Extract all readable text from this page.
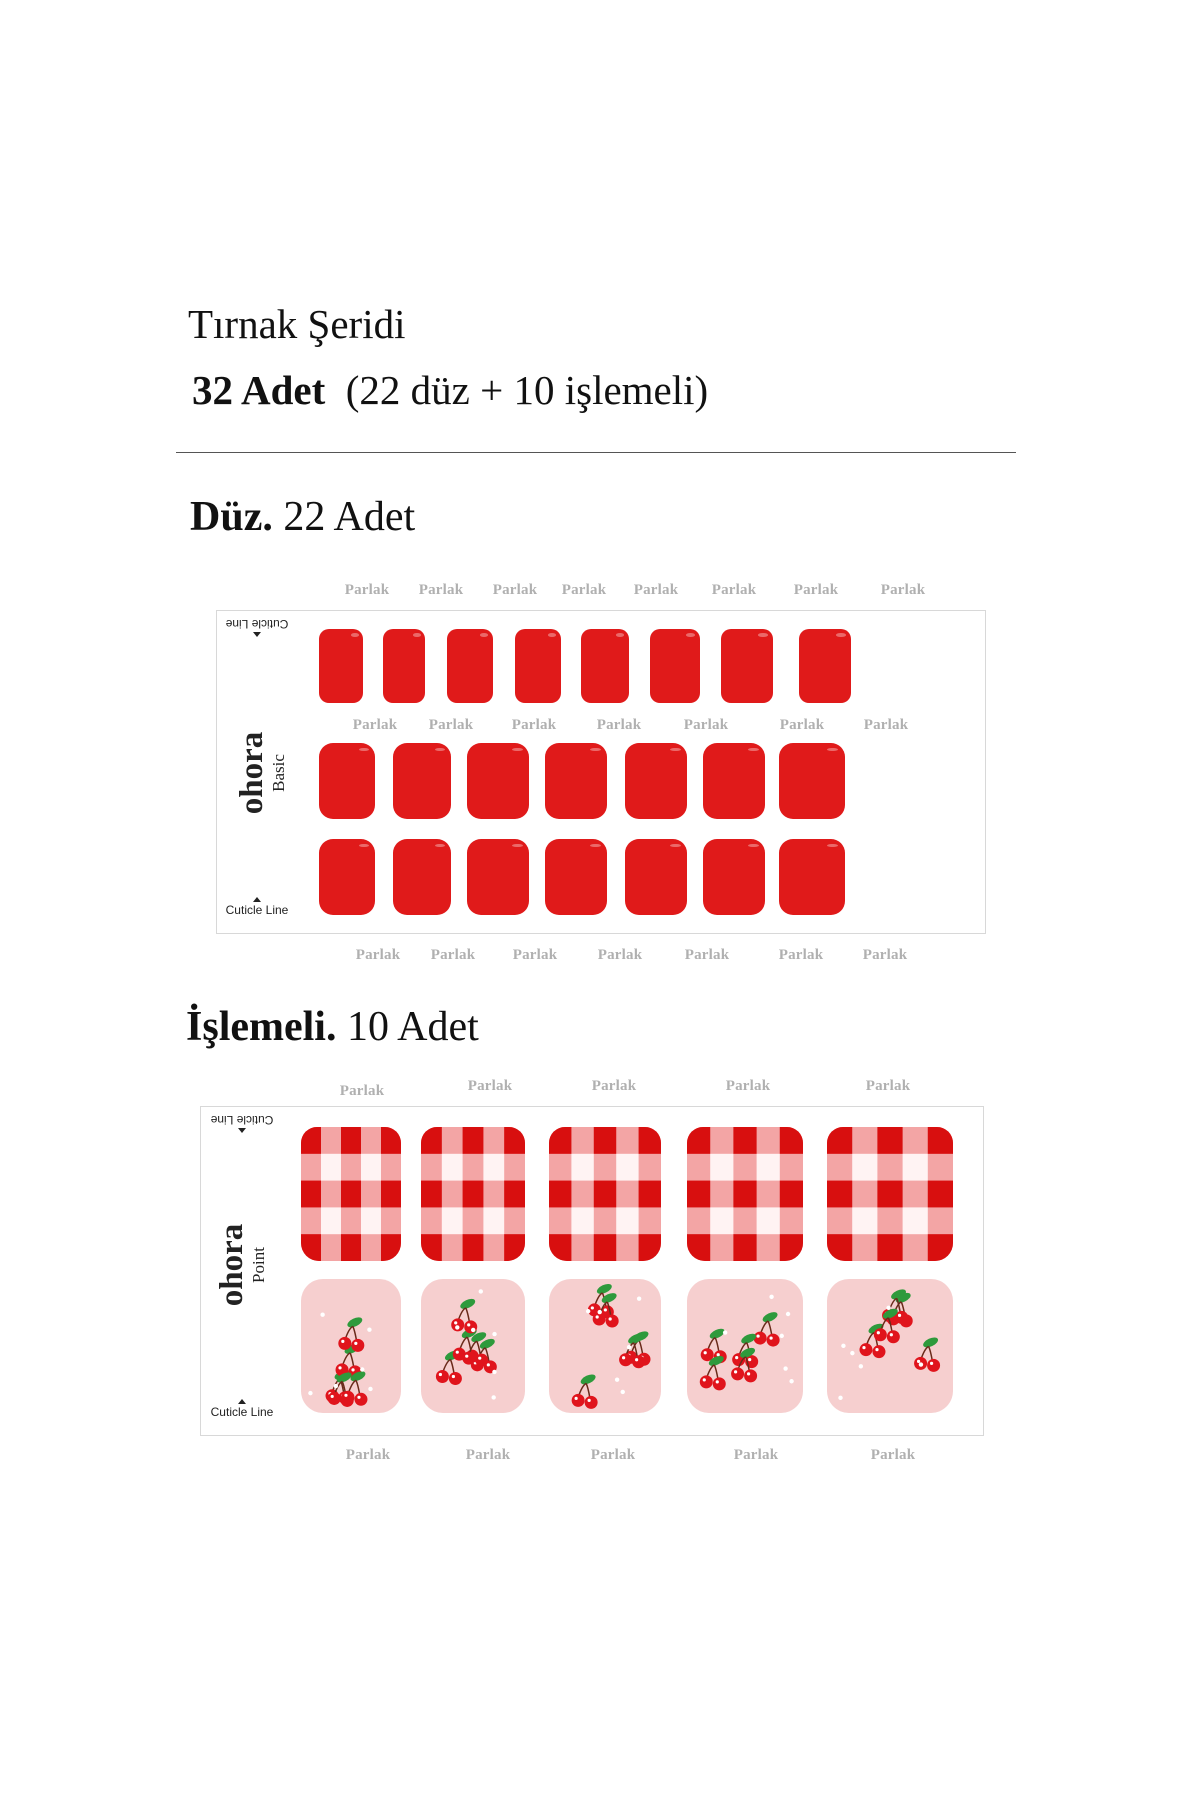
Tırnak Şeridi
32 Adet  (22 düz + 10 işlemeli)
Düz. 22 Adet
Cuticle Line
ohora Basic
Cuticle Line
Parlak Parlak Parlak Parlak Parlak Parlak Parlak	Parlak
Parlak Parlak	Parlak	Parlak	Parlak	Parlak	Parlak
Parlak Parlak Parlak	Parlak	Parlak	Parlak	Parlak
İşlemeli. 10 Adet
Cuticle Line
ohora Point
Cuticle Line
Parlak	Parlak	Parlak	Parlak	Parlak
Parlak	Parlak	Parlak	Parlak	Parlak
